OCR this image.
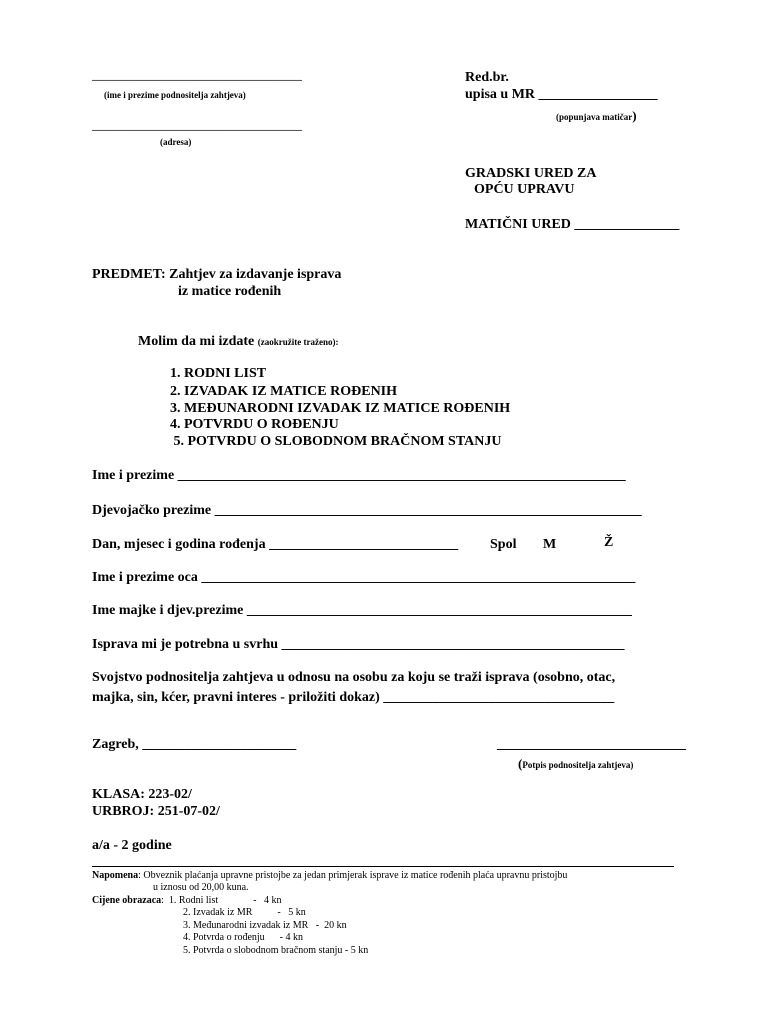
______________________________
(ime i prezime podnositelja zahtjeva)
______________________________
(adresa)
Red.br.
upisa u MR _________________
(popunjava matičar)
GRADSKI URED ZA
OPĆU UPRAVU
MATIČNI URED _______________
PREDMET: Zahtjev za izdavanje isprava
iz matice rođenih
Molim da mi izdate (zaokružite traženo):
1. RODNI LIST
2. IZVADAK IZ MATICE ROĐENIH
3. MEĐUNARODNI IZVADAK IZ MATICE ROĐENIH
4. POTVRDU O ROĐENJU
5. POTVRDU O SLOBODNOM BRAČNOM STANJU
Ime i prezime ________________________________________________________________
Djevojačko prezime _____________________________________________________________
Dan, mjesec i godina rođenja ___________________________ Spol M	Ž
Ime i prezime oca ______________________________________________________________
Ime majke i djev.prezime _______________________________________________________
Isprava mi je potrebna u svrhu _________________________________________________
Svojstvo podnositelja zahtjeva u odnosu na osobu za koju se traži isprava (osobno, otac,
majka, sin, kćer, pravni interes - priložiti dokaz) _________________________________
Zagreb, ______________________	___________________________
(Potpis podnositelja zahtjeva)
KLASA: 223-02/
URBROJ: 251-07-02/
a/a - 2 godine
Napomena: Obveznik plaćanja upravne pristojbe za jedan primjerak isprave iz matice rođenih plaća upravnu pristojbu
u iznosu od 20,00 kuna.
Cijene obrazaca:  1. Rodni list              -   4 kn
2. Izvadak iz MR          -   5 kn
3. Međunarodni izvadak iz MR   -  20 kn
4. Potvrda o rođenju      - 4 kn
5. Potvrda o slobodnom bračnom stanju - 5 kn
